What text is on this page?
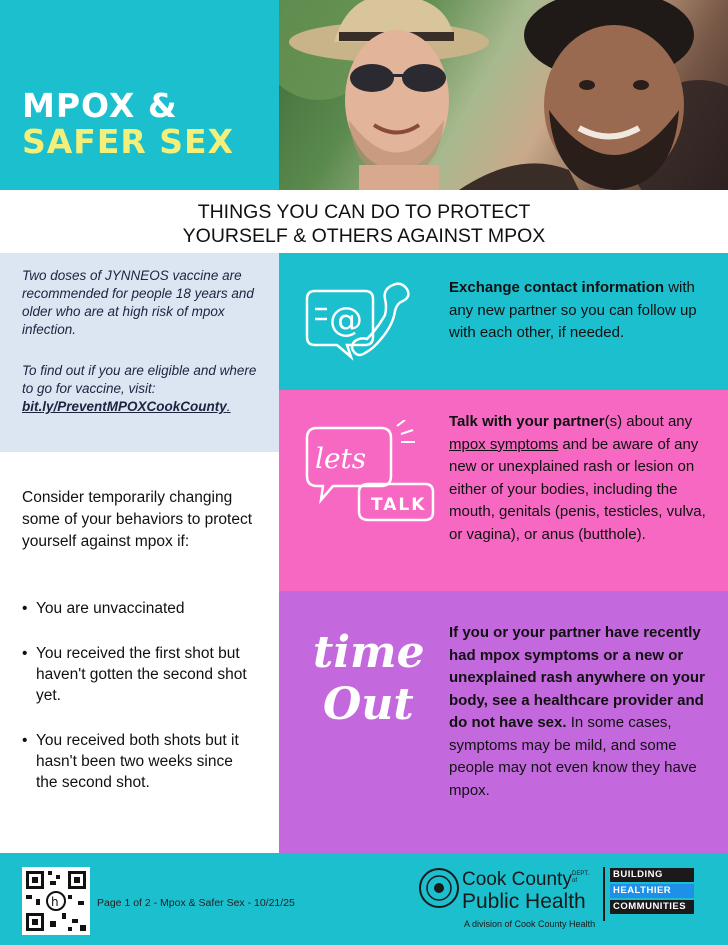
MPOX &
SAFER SEX
THINGS YOU CAN DO TO PROTECT
YOURSELF & OTHERS AGAINST MPOX
Two doses of JYNNEOS vaccine are recommended for people 18 years and older who are at high risk of mpox infection.
To find out if you are eligible and where to go for vaccine, visit:
bit.ly/PreventMPOXCookCounty.
Consider temporarily changing some of your behaviors to protect yourself against mpox if:
• You are unvaccinated
• You received the first shot but haven't gotten the second shot yet.
• You received both shots but it hasn't been two weeks since the second shot.
@
Exchange contact information with any new partner so you can follow up with each other, if needed.
lets
TALK
Talk with your partner(s) about any mpox symptoms and be aware of any new or unexplained rash or lesion on either of your bodies, including the mouth, genitals (penis, testicles, vulva, or vagina), or anus (butthole).
time
Out
If you or your partner have recently had mpox symptoms or a new or unexplained rash anywhere on your body, see a healthcare provider and do not have sex. In some cases, symptoms may be mild, and some people may not even know they have mpox.
h	Page 1 of 2 - Mpox & Safer Sex - 10/21/25
Cook County DEPT. of
Public Health
A division of Cook County Health
BUILDING
HEALTHIER
COMMUNITIES
